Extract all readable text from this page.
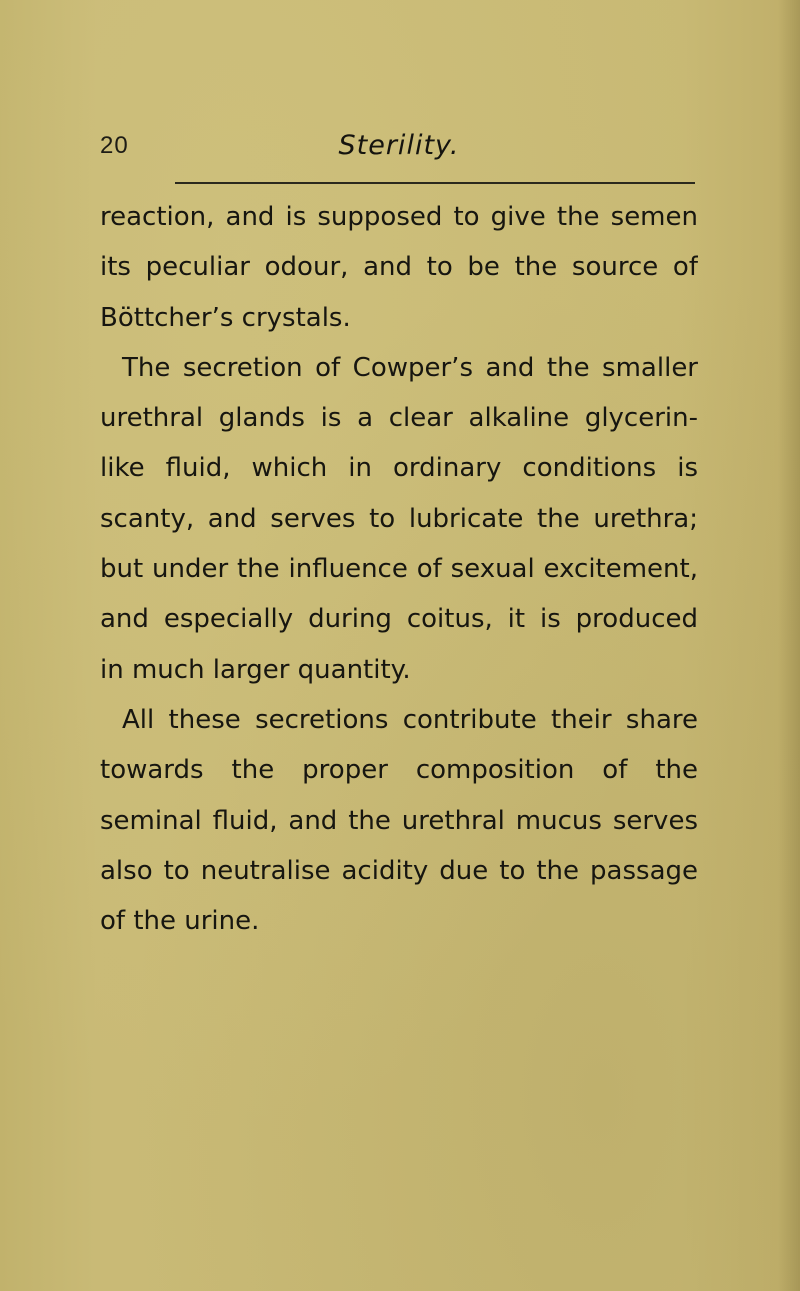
20	Sterility.
reaction, and is supposed to give the semen
its peculiar odour, and to be the source of
Böttcher’s crystals.
The secretion of Cowper’s and the smaller
urethral glands is a clear alkaline glycerin-
like fluid, which in ordinary conditions is
scanty, and serves to lubricate the urethra;
but under the influence of sexual excitement,
and especially during coitus, it is produced
in much larger quantity.
All these secretions contribute their share
towards the proper composition of the
seminal fluid, and the urethral mucus serves
also to neutralise acidity due to the passage
of the urine.
